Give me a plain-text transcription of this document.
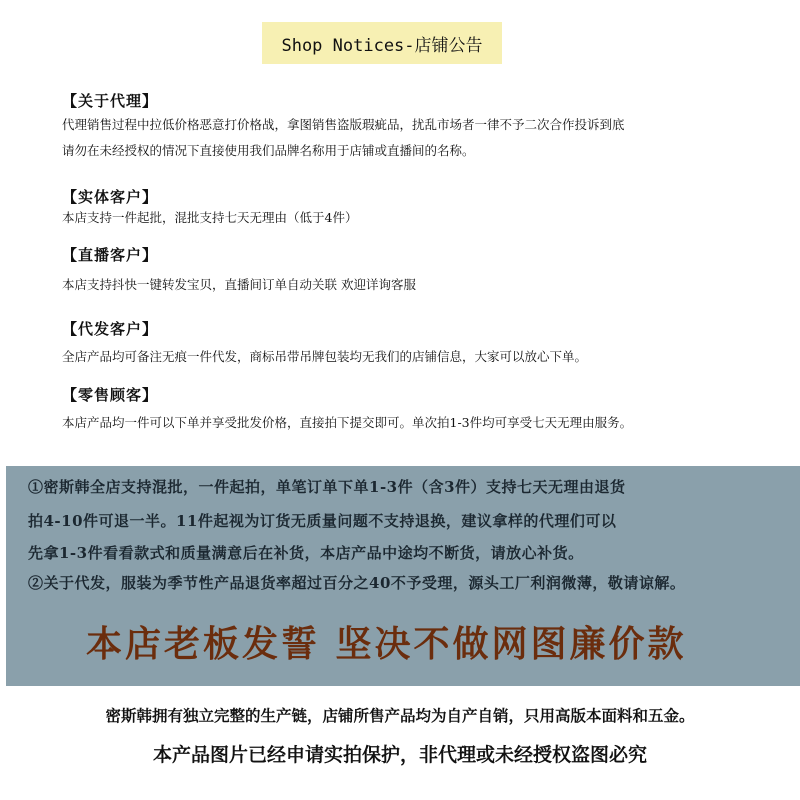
Shop Notices-店铺公告
【关于代理】
代理销售过程中拉低价格恶意打价格战，拿图销售盗版瑕疵品，扰乱市场者一律不予二次合作投诉到底
请勿在未经授权的情况下直接使用我们品牌名称用于店铺或直播间的名称。
【实体客户】
本店支持一件起批，混批支持七天无理由（低于4件）
【直播客户】
本店支持抖快一键转发宝贝，直播间订单自动关联 欢迎详询客服
【代发客户】
全店产品均可备注无痕一件代发，商标吊带吊牌包装均无我们的店铺信息，大家可以放心下单。
【零售顾客】
本店产品均一件可以下单并享受批发价格，直接拍下提交即可。单次拍1-3件均可享受七天无理由服务。
①密斯韩全店支持混批，一件起拍，单笔订单下单1-3件（含3件）支持七天无理由退货
拍4-10件可退一半。11件起视为订货无质量问题不支持退换，建议拿样的代理们可以
先拿1-3件看看款式和质量满意后在补货，本店产品中途均不断货，请放心补货。
②关于代发，服装为季节性产品退货率超过百分之40不予受理，源头工厂利润微薄，敬请谅解。
本店老板发誓 坚决不做网图廉价款
密斯韩拥有独立完整的生产链，店铺所售产品均为自产自销，只用高版本面料和五金。
本产品图片已经申请实拍保护，非代理或未经授权盗图必究
